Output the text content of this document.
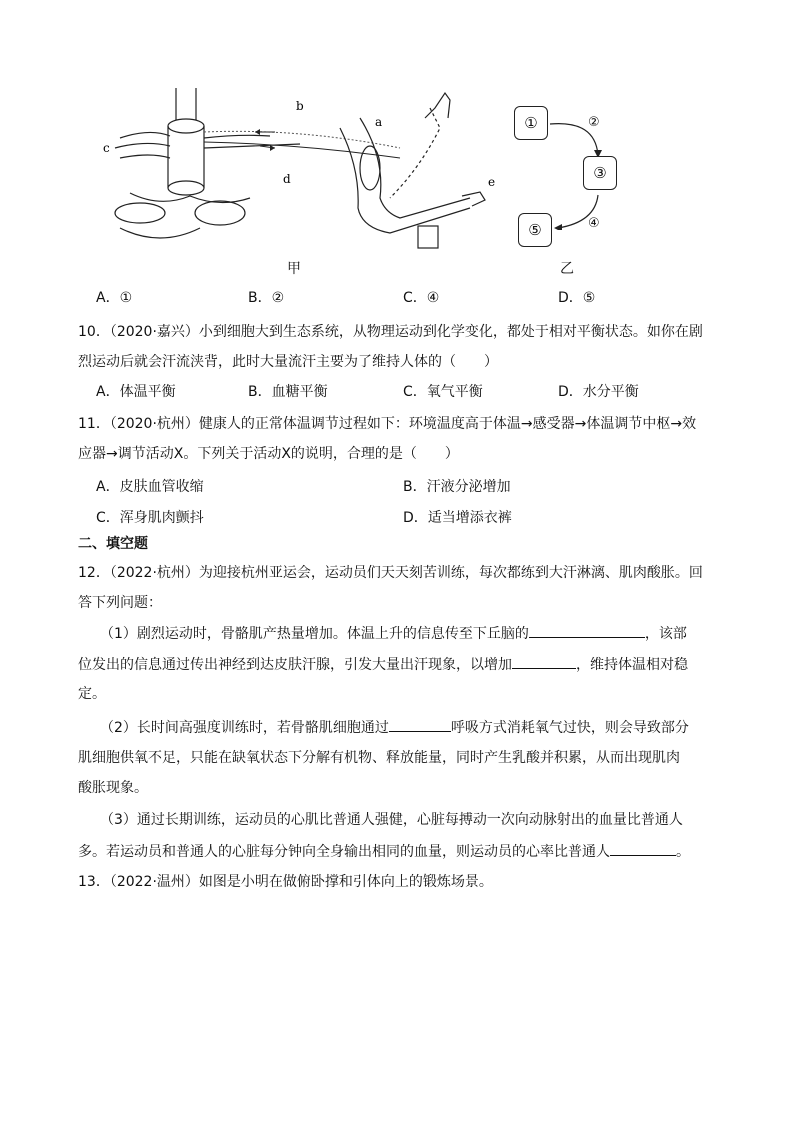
b
d
c
a
e
①
③
⑤
②
④
甲	乙
A．①	B．②	C．④	D．⑤
10．（2020·嘉兴）小到细胞大到生态系统，从物理运动到化学变化，都处于相对平衡状态。如你在剧
烈运动后就会汗流浃背，此时大量流汗主要为了维持人体的（　　）
A．体温平衡	B．血糖平衡	C．氧气平衡	D．水分平衡
11．（2020·杭州）健康人的正常体温调节过程如下：环境温度高于体温→感受器→体温调节中枢→效
应器→调节活动X。下列关于活动X的说明，合理的是（　　）
A．皮肤血管收缩	B．汗液分泌增加
C．浑身肌肉颤抖	D．适当增添衣裤
二、填空题
12．（2022·杭州）为迎接杭州亚运会，运动员们天天刻苦训练，每次都练到大汗淋漓、肌肉酸胀。回
答下列问题：
（1）剧烈运动时，骨骼肌产热量增加。体温上升的信息传至下丘脑的	，该部
位发出的信息通过传出神经到达皮肤汗腺，引发大量出汗现象，以增加	，维持体温相对稳
定。
（2）长时间高强度训练时，若骨骼肌细胞通过	呼吸方式消耗氧气过快，则会导致部分
肌细胞供氧不足，只能在缺氧状态下分解有机物、释放能量，同时产生乳酸并积累，从而出现肌肉
酸胀现象。
（3）通过长期训练，运动员的心肌比普通人强健，心脏每搏动一次向动脉射出的血量比普通人
多。若运动员和普通人的心脏每分钟向全身输出相同的血量，则运动员的心率比普通人	。
13．（2022·温州）如图是小明在做俯卧撑和引体向上的锻炼场景。
